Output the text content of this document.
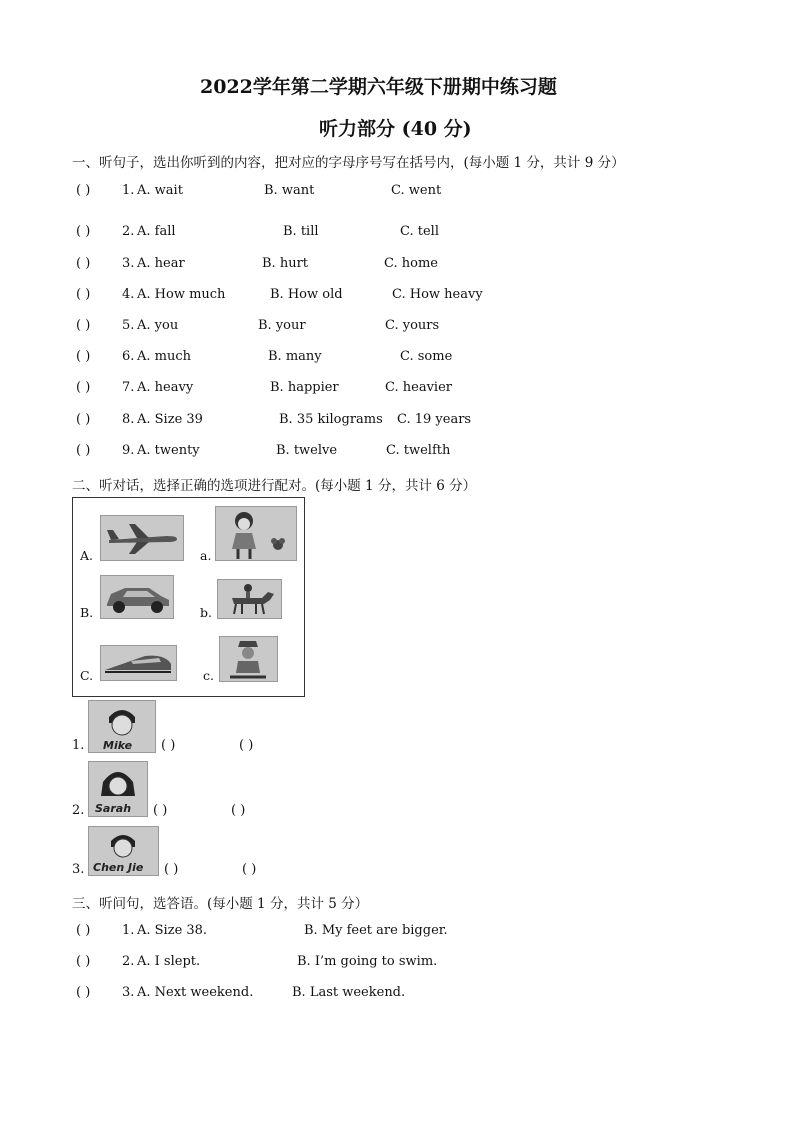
2022学年第二学期六年级下册期中练习题
听力部分 (40 分)
一、听句子，选出你听到的内容，把对应的字母序号写在括号内，(每小题 1 分，共计 9 分）
( ) 1. A. wait	B. want	C. went
( ) 2. A. fall	B. till	C. tell
( ) 3. A. hear	B. hurt	C. home
( ) 4. A. How much	B. How old	C. How heavy
( ) 5. A. you	B. your	C. yours
( ) 6. A. much	B. many	C. some
( ) 7. A. heavy	B. happier	C. heavier
( ) 8. A. Size 39	B. 35 kilograms C. 19 years
( ) 9. A. twenty	B. twelve	C. twelfth
二、听对话，选择正确的选项进行配对。(每小题 1 分，共计 6 分）
A.	a.
B.	b.
C.	c.
1. Mike ( )	( )
2. Sarah ( )	( )
3. Chen Jie ( )	( )
三、听问句，选答语。(每小题 1 分，共计 5 分）
( ) 1. A. Size 38.	B. My feet are bigger.
( ) 2. A. I slept.	B. I’m going to swim.
( ) 3. A. Next weekend.	B. Last weekend.
